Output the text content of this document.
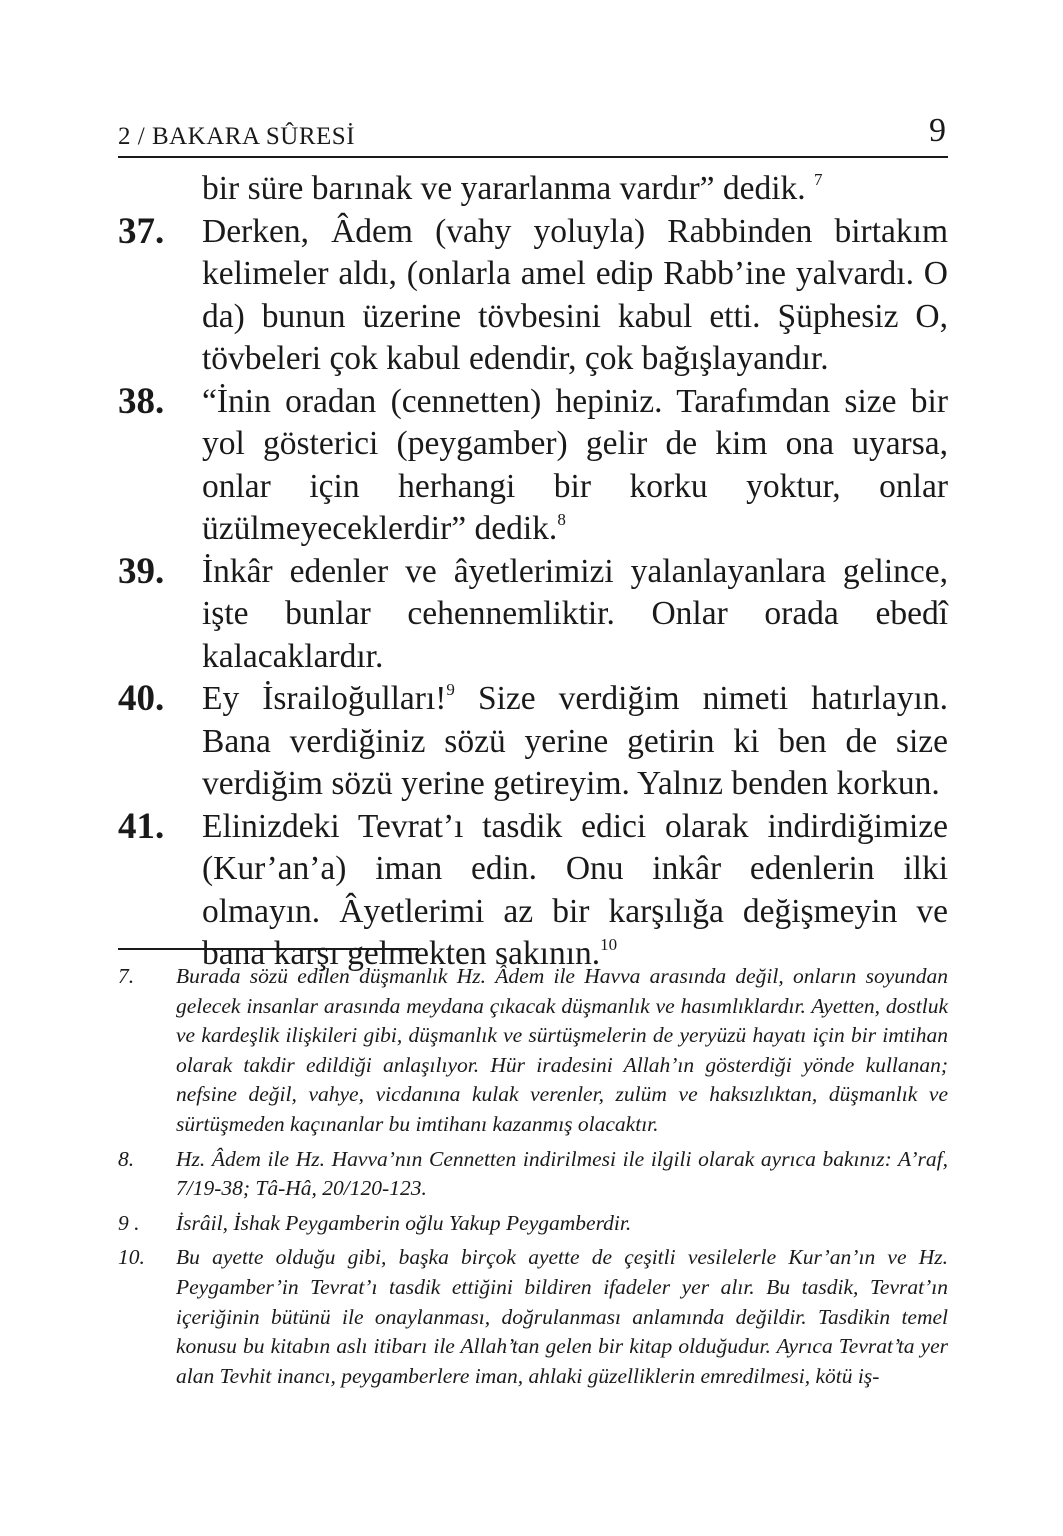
2 / BAKARA SÛRESİ	9
bir süre barınak ve yararlanma vardır” dedik. $^7$
37.	Derken, Âdem (vahy yoluyla) Rabbinden birtakım kelimeler aldı, (onlarla amel edip Rabb’ine yalvardı. O da) bunun üzerine tövbesini kabul etti. Şüphesiz O, tövbeleri çok kabul edendir, çok bağışlayandır.
38.	“İnin oradan (cennetten) hepiniz. Tarafımdan size bir yol gösterici (peygamber) gelir de kim ona uyarsa, onlar için herhangi bir korku yoktur, onlar üzülmeyeceklerdir” dedik.$^8$
39.	İnkâr edenler ve âyetlerimizi yalanlayanlara gelince, işte bunlar cehennemliktir. Onlar orada ebedî kalacaklardır.
40.	Ey İsrailoğulları!$^9$ Size verdiğim nimeti hatırlayın. Bana verdiğiniz sözü yerine getirin ki ben de size verdiğim sözü yerine getireyim. Yalnız benden korkun.
41.	Elinizdeki Tevrat’ı tasdik edici olarak indirdiğimize (Kur’an’a) iman edin. Onu inkâr edenlerin ilki olmayın. Âyetlerimi az bir karşılığa değişmeyin ve bana karşı gelmekten sakının.$^{10}$
7.	Burada sözü edilen düşmanlık Hz. Âdem ile Havva arasında değil, onların soyundan gelecek insanlar arasında meydana çıkacak düşmanlık ve hasımlıklardır. Ayetten, dostluk ve kardeşlik ilişkileri gibi, düşmanlık ve sürtüşmelerin de yeryüzü hayatı için bir imtihan olarak takdir edildiği anlaşılıyor. Hür iradesini Allah’ın gösterdiği yönde kullanan; nefsine değil, vahye, vicdanına kulak verenler, zulüm ve haksızlıktan, düşmanlık ve sürtüşmeden kaçınanlar bu imtihanı kazanmış olacaktır.
8.	Hz. Âdem ile Hz. Havva’nın Cennetten indirilmesi ile ilgili olarak ayrıca bakınız: A’raf, 7/19-38; Tâ-Hâ, 20/120-123.
9 .	İsrâil, İshak Peygamberin oğlu Yakup Peygamberdir.
10.	Bu ayette olduğu gibi, başka birçok ayette de çeşitli vesilelerle Kur’an’ın ve Hz. Peygamber’in Tevrat’ı tasdik ettiğini bildiren ifadeler yer alır. Bu tasdik, Tevrat’ın içeriğinin bütünü ile onaylanması, doğrulanması anlamında değildir. Tasdikin temel konusu bu kitabın aslı itibarı ile Allah’tan gelen bir kitap olduğudur. Ayrıca Tevrat’ta yer alan Tevhit inancı, peygamberlere iman, ahlaki güzelliklerin emredilmesi, kötü iş-
